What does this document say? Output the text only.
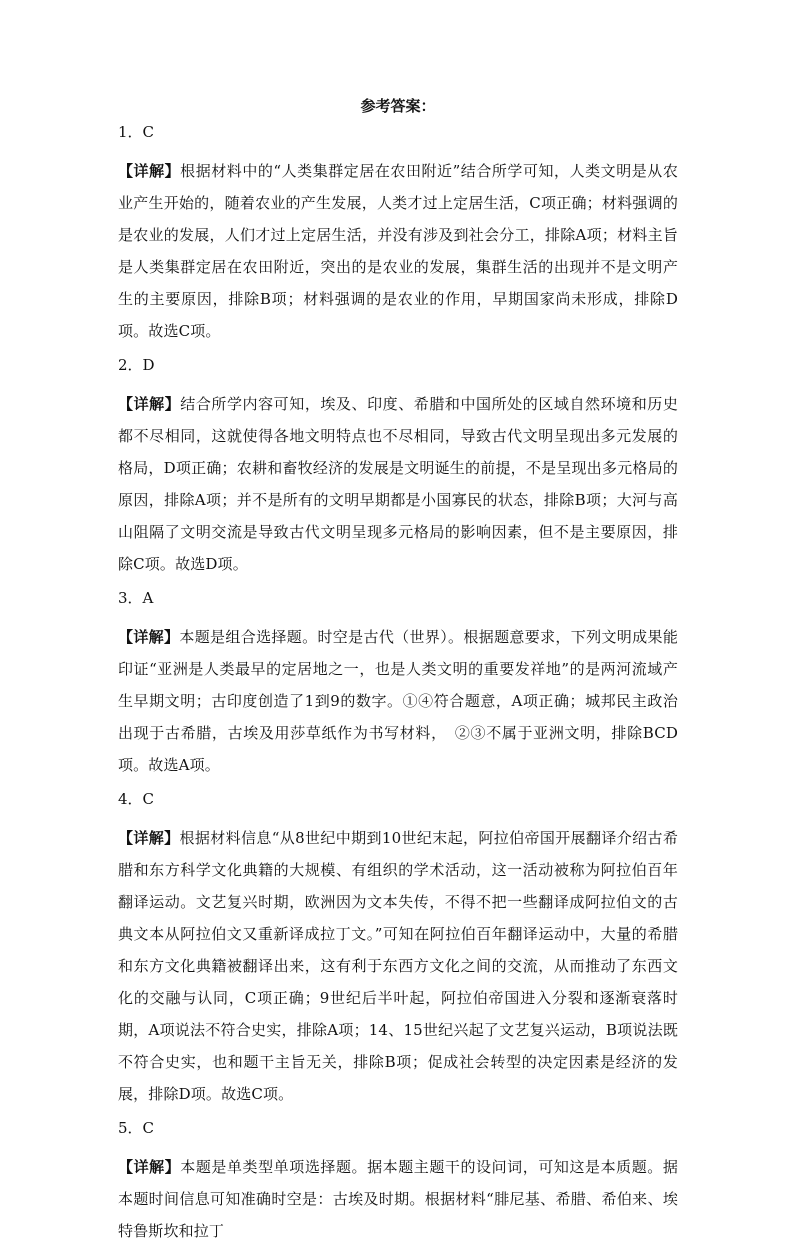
参考答案：
1．C
【详解】根据材料中的“人类集群定居在农田附近”结合所学可知，人类文明是从农业产生开始的，随着农业的产生发展，人类才过上定居生活，C项正确；材料强调的是农业的发展，人们才过上定居生活，并没有涉及到社会分工，排除A项；材料主旨是人类集群定居在农田附近，突出的是农业的发展，集群生活的出现并不是文明产生的主要原因，排除B项；材料强调的是农业的作用，早期国家尚未形成，排除D项。故选C项。
2．D
【详解】结合所学内容可知，埃及、印度、希腊和中国所处的区域自然环境和历史都不尽相同，这就使得各地文明特点也不尽相同，导致古代文明呈现出多元发展的格局，D项正确；农耕和畜牧经济的发展是文明诞生的前提，不是呈现出多元格局的原因，排除A项；并不是所有的文明早期都是小国寡民的状态，排除B项；大河与高山阻隔了文明交流是导致古代文明呈现多元格局的影响因素，但不是主要原因，排除C项。故选D项。
3．A
【详解】本题是组合选择题。时空是古代（世界）。根据题意要求，下列文明成果能印证“亚洲是人类最早的定居地之一，也是人类文明的重要发祥地”的是两河流域产生早期文明；古印度创造了1到9的数字。①④符合题意，A项正确；城邦民主政治出现于古希腊，古埃及用莎草纸作为书写材料，　②③不属于亚洲文明，排除BCD项。故选A项。
4．C
【详解】根据材料信息“从8世纪中期到10世纪末起，阿拉伯帝国开展翻译介绍古希腊和东方科学文化典籍的大规模、有组织的学术活动，这一活动被称为阿拉伯百年翻译运动。文艺复兴时期，欧洲因为文本失传，不得不把一些翻译成阿拉伯文的古典文本从阿拉伯文又重新译成拉丁文。”可知在阿拉伯百年翻译运动中，大量的希腊和东方文化典籍被翻译出来，这有利于东西方文化之间的交流，从而推动了东西文化的交融与认同，C项正确；9世纪后半叶起，阿拉伯帝国进入分裂和逐渐衰落时期，A项说法不符合史实，排除A项；14、15世纪兴起了文艺复兴运动，B项说法既不符合史实，也和题干主旨无关，排除B项；促成社会转型的决定因素是经济的发展，排除D项。故选C项。
5．C
【详解】本题是单类型单项选择题。据本题主题干的设问词，可知这是本质题。据本题时间信息可知准确时空是：古埃及时期。根据材料“腓尼基、希腊、希伯来、埃特鲁斯坎和拉丁
